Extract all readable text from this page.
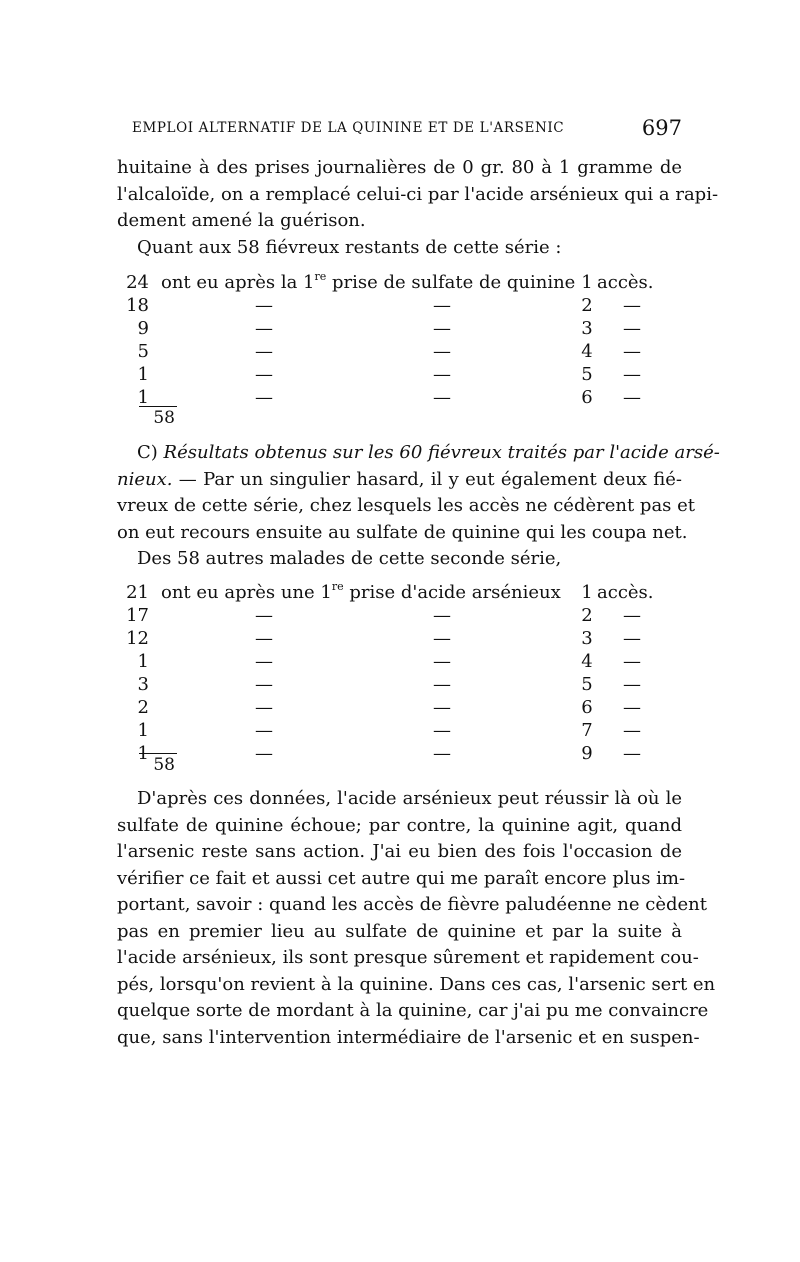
EMPLOI ALTERNATIF DE LA QUININE ET DE L'ARSENIC	697
huitaine à des prises journalières de 0 gr. 80 à 1 gramme de
l'alcaloïde, on a remplacé celui-ci par l'acide arsénieux qui a rapi-
dement amené la guérison.
Quant aux 58 fiévreux restants de cette série :
24 ont eu après la 1re prise de sulfate de quinine 1 accès.
18	—	—	2	—
9	—	—	3	—
5	—	—	4	—
1	—	—	5	—
1	—	—	6	—
58
C) Résultats obtenus sur les 60 fiévreux traités par l'acide arsé-
nieux. — Par un singulier hasard, il y eut également deux fié-
vreux de cette série, chez lesquels les accès ne cédèrent pas et
on eut recours ensuite au sulfate de quinine qui les coupa net.
Des 58 autres malades de cette seconde série,
21 ont eu après une 1re prise d'acide arsénieux	1 accès.
17	—	—	2	—
12	—	—	3	—
1	—	—	4	—
3	—	—	5	—
2	—	—	6	—
1	—	—	7	—
1	—	—	9	—
58
D'après ces données, l'acide arsénieux peut réussir là où le
sulfate de quinine échoue; par contre, la quinine agit, quand
l'arsenic reste sans action. J'ai eu bien des fois l'occasion de
vérifier ce fait et aussi cet autre qui me paraît encore plus im-
portant, savoir : quand les accès de fièvre paludéenne ne cèdent
pas en premier lieu au sulfate de quinine et par la suite à
l'acide arsénieux, ils sont presque sûrement et rapidement cou-
pés, lorsqu'on revient à la quinine. Dans ces cas, l'arsenic sert en
quelque sorte de mordant à la quinine, car j'ai pu me convaincre
que, sans l'intervention intermédiaire de l'arsenic et en suspen-
